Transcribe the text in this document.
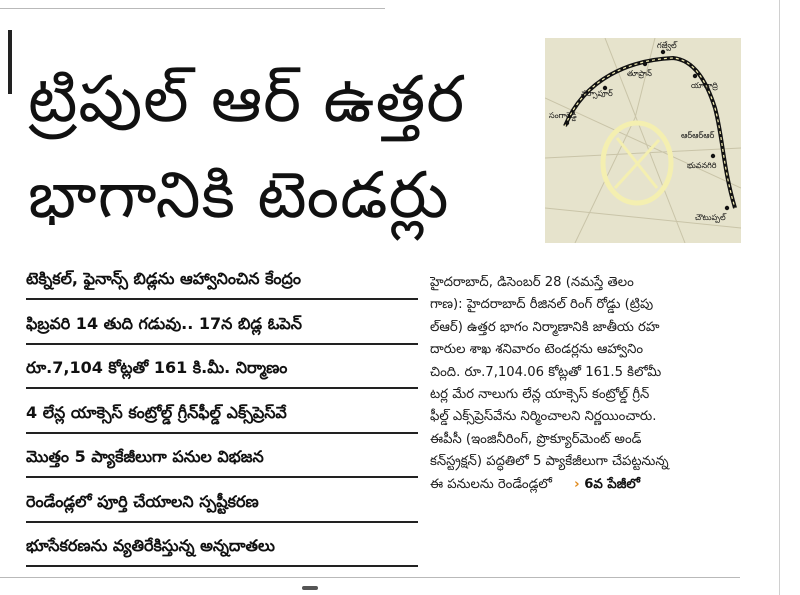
ట్రిపుల్ ఆర్ ఉత్తర
భాగానికి టెండర్లు
గజ్వేల్
చౌటుప్పల్
సంగారెడ్డి
నర్సాపూర్
తూప్రాన్
భువనగిరి
యాదాద్రి
ఆర్ఆర్ఆర్
టెక్నికల్, ఫైనాన్స్ బిడ్లను ఆహ్వానించిన కేంద్రం
ఫిబ్రవరి 14 తుది గడువు.. 17న బిడ్ల ఓపెన్
రూ.7,104 కోట్లతో 161 కి.మీ. నిర్మాణం
4 లేన్ల యాక్సెస్ కంట్రోల్డ్ గ్రీన్‌ఫీల్డ్ ఎక్స్‌ప్రెస్‌వే
మొత్తం 5 ప్యాకేజీలుగా పనుల విభజన
రెండేండ్లలో పూర్తి చేయాలని స్పష్టీకరణ
భూసేకరణను వ్యతిరేకిస్తున్న అన్నదాతలు
హైదరాబాద్, డిసెంబర్ 28 (నమస్తే తెలం
గాణ): హైదరాబాద్ రీజినల్ రింగ్ రోడ్డు (ట్రిపు
ల్‌ఆర్) ఉత్తర భాగం నిర్మాణానికి జాతీయ రహ
దారుల శాఖ శనివారం టెండర్లను ఆహ్వానిం
చింది. రూ.7,104.06 కోట్లతో 161.5 కిలోమీ
టర్ల మేర నాలుగు లేన్ల యాక్సెస్ కంట్రోల్డ్ గ్రీన్
ఫీల్డ్ ఎక్స్‌ప్రెస్‌వేను నిర్మించాలని నిర్ణయించారు.
ఈపీసీ (ఇంజినీరింగ్, ప్రొక్యూర్‌మెంట్ అండ్
కన్‌స్ట్రక్షన్) పద్ధతిలో 5 ప్యాకేజీలుగా చేపట్టనున్న
ఈ పనులను రెండేండ్లలో › 6వ పేజీలో
